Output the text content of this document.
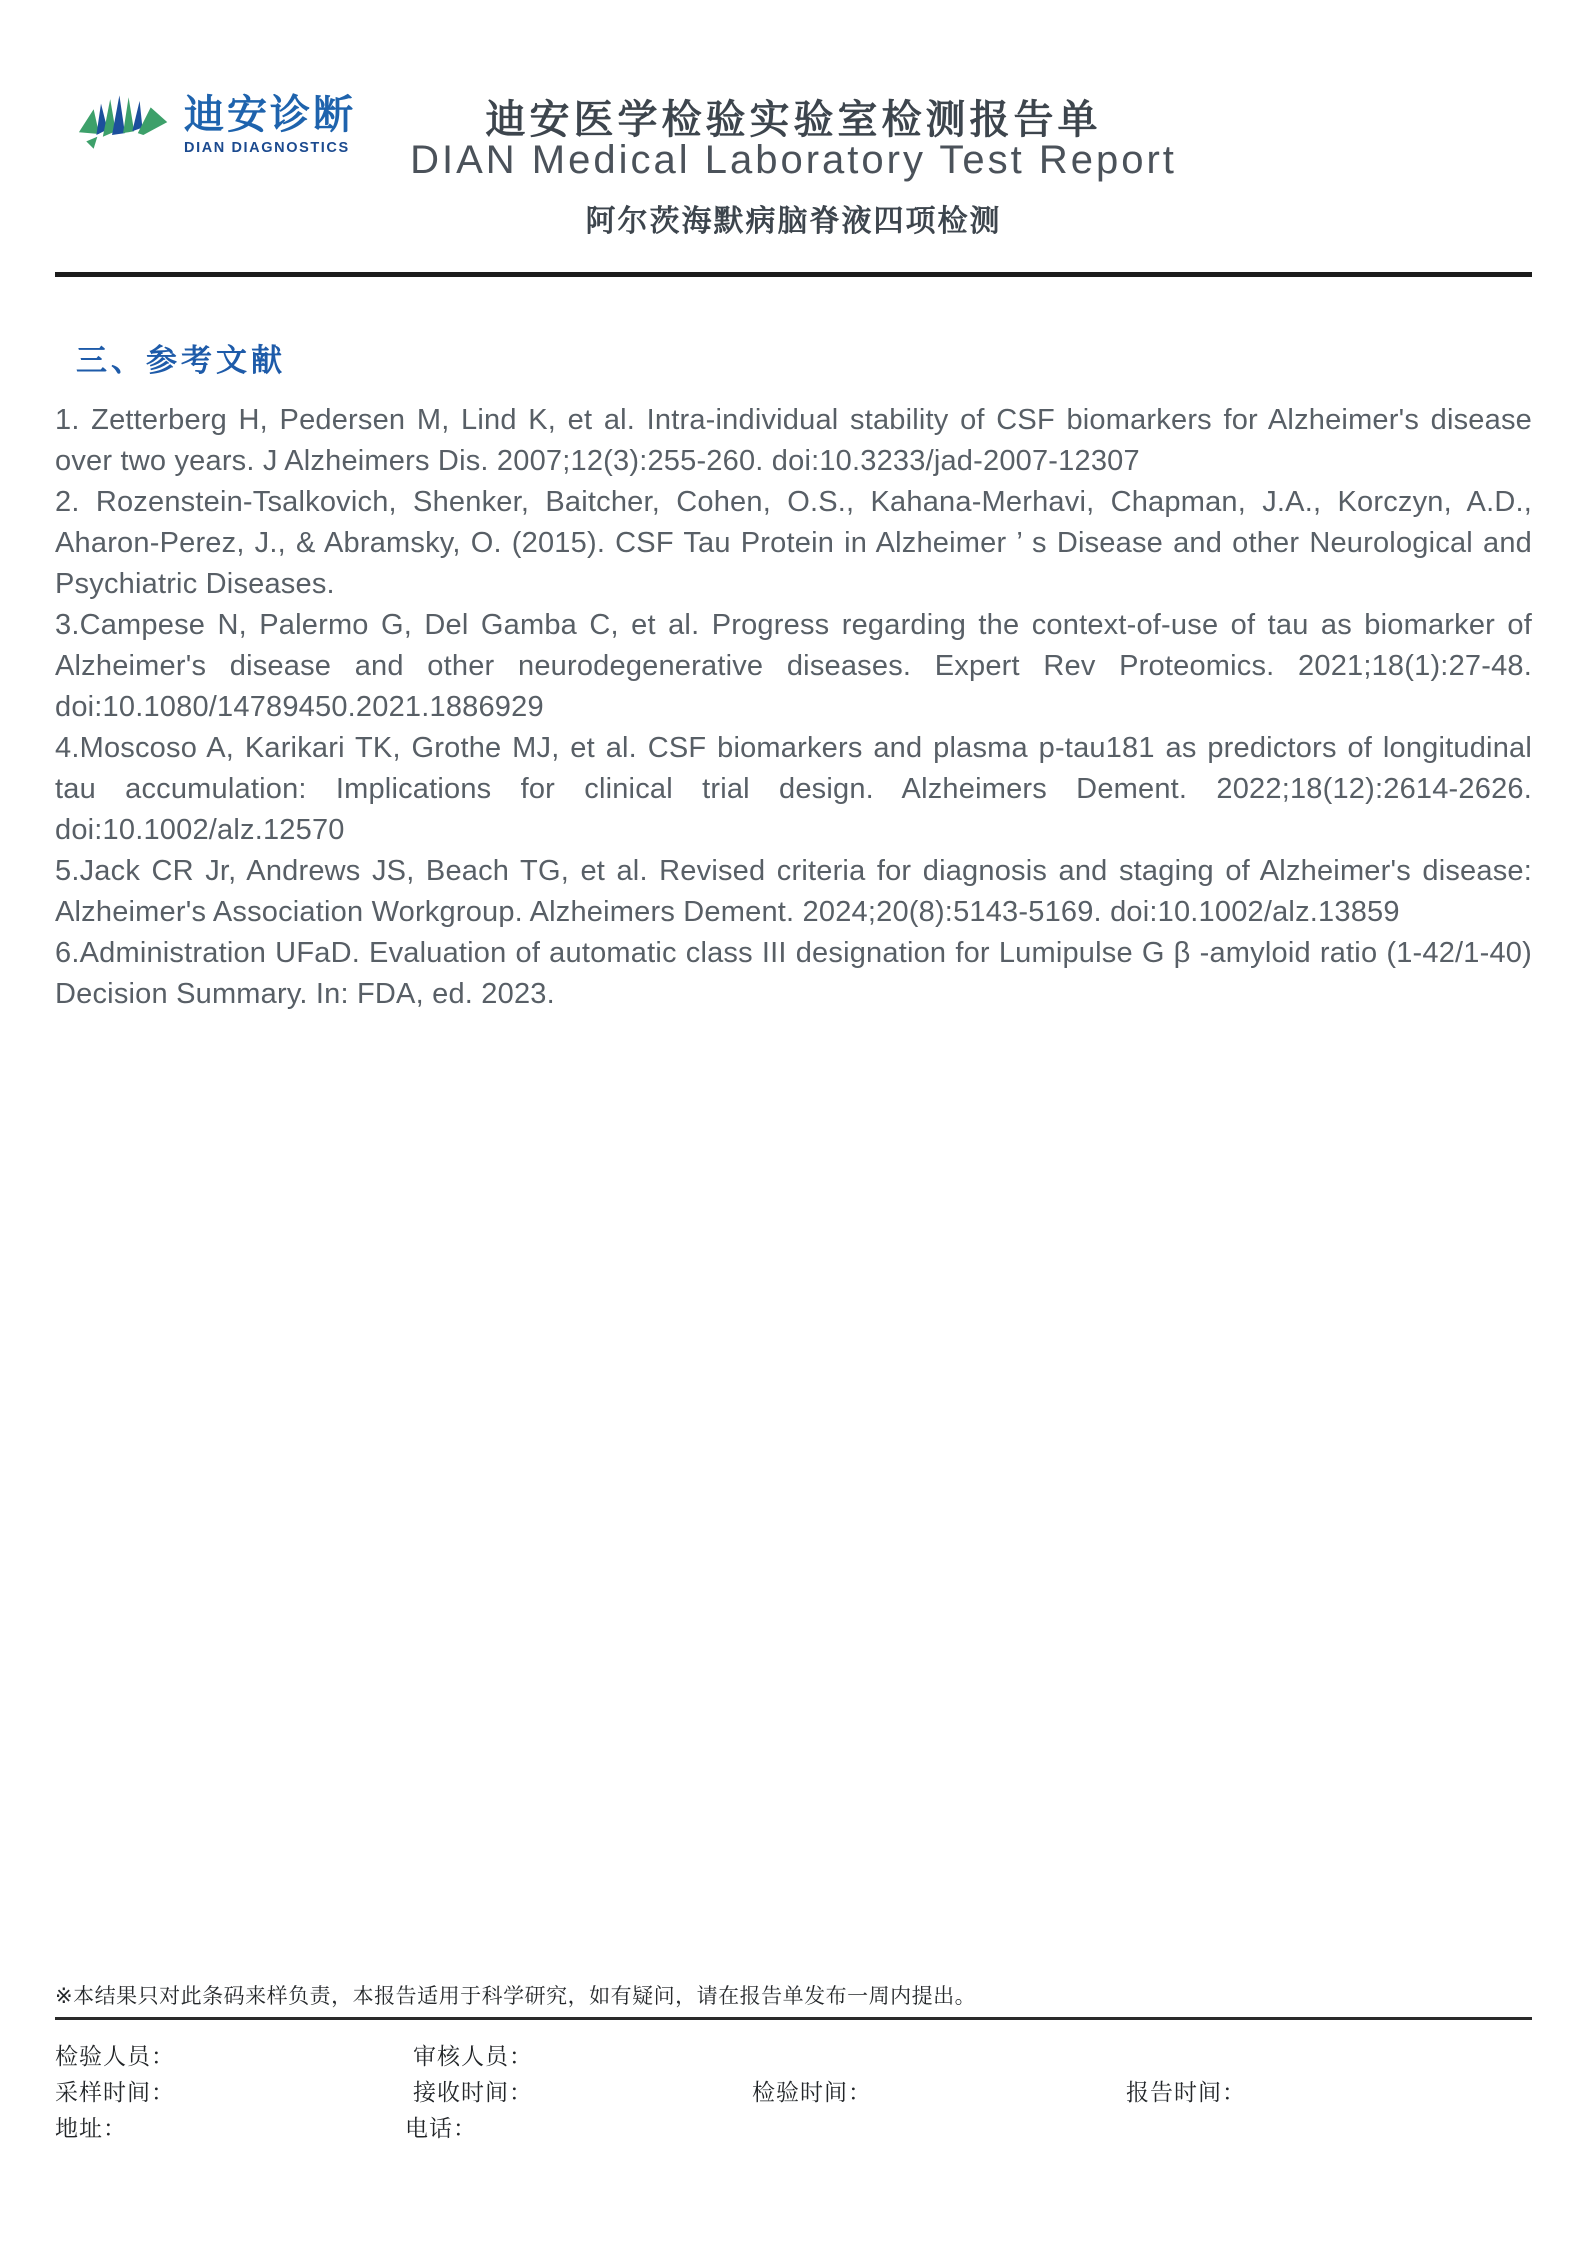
迪安诊断
DIAN DIAGNOSTICS
迪安医学检验实验室检测报告单
DIAN Medical Laboratory Test Report
阿尔茨海默病脑脊液四项检测
三、参考文献

1. Zetterberg H, Pedersen M, Lind K, et al. Intra-individual stability of CSF biomarkers for Alzheimer's disease over two years. J Alzheimers Dis. 2007;12(3):255-260. doi:10.3233/jad-2007-12307

2. Rozenstein-Tsalkovich, Shenker, Baitcher, Cohen, O.S., Kahana-Merhavi, Chapman, J.A., Korczyn, A.D., Aharon-Perez, J., & Abramsky, O. (2015). CSF Tau Protein in Alzheimer ’ s Disease and other Neurological and Psychiatric Diseases.

3.Campese N, Palermo G, Del Gamba C, et al. Progress regarding the context-of-use of tau as biomarker of Alzheimer's disease and other neurodegenerative diseases. Expert Rev Proteomics. 2021;18(1):27-48. doi:10.1080/14789450.2021.1886929

4.Moscoso A, Karikari TK, Grothe MJ, et al. CSF biomarkers and plasma p-tau181 as predictors of longitudinal tau accumulation: Implications for clinical trial design. Alzheimers Dement. 2022;18(12):2614-2626. doi:10.1002/alz.12570

5.Jack CR Jr, Andrews JS, Beach TG, et al. Revised criteria for diagnosis and staging of Alzheimer's disease: Alzheimer's Association Workgroup. Alzheimers Dement. 2024;20(8):5143-5169. doi:10.1002/alz.13859

6.Administration UFaD. Evaluation of automatic class III designation for Lumipulse G β -amyloid ratio (1-42/1-40) Decision Summary. In: FDA, ed. 2023.

※本结果只对此条码来样负责，本报告适用于科学研究，如有疑问，请在报告单发布一周内提出。
检验人员：	审核人员：
采样时间：	接收时间：	检验时间：	报告时间：
地址：	电话：
